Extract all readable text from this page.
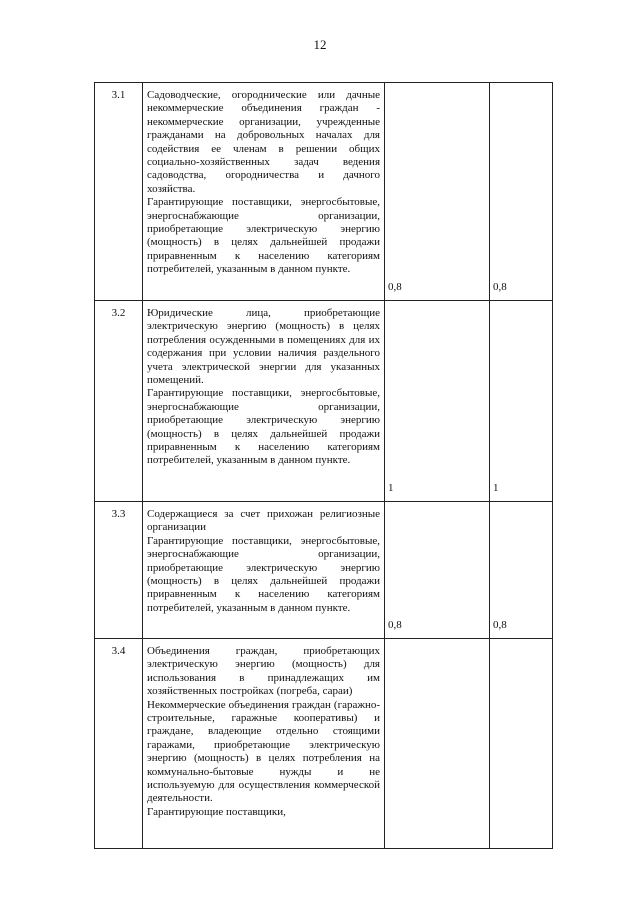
12
3.1	Садоводческие, огороднические или дачные некоммерческие объединения граждан - некоммерческие организации, учрежденные гражданами на добровольных началах для содействия ее членам в решении общих социально-хозяйственных задач ведения садоводства, огородничества и дачного хозяйства.
Гарантирующие поставщики, энергосбытовые, энергоснабжающие организации, приобретающие электрическую энергию (мощность) в целях дальнейшей продажи приравненным к населению категориям потребителей, указанным в данном пункте.	0,8	0,8

3.2	Юридические лица, приобретающие электрическую энергию (мощность) в целях потребления осужденными в помещениях для их содержания при условии наличия раздельного учета электрической энергии для указанных помещений.
Гарантирующие поставщики, энергосбытовые, энергоснабжающие организации, приобретающие электрическую энергию (мощность) в целях дальнейшей продажи приравненным к населению категориям потребителей, указанным в данном пункте.	1	1

3.3	Содержащиеся за счет прихожан религиозные организации
Гарантирующие поставщики, энергосбытовые, энергоснабжающие организации, приобретающие электрическую энергию (мощность) в целях дальнейшей продажи приравненным к населению категориям потребителей, указанным в данном пункте.	0,8	0,8

3.4	Объединения граждан, приобретающих электрическую энергию (мощность) для использования в принадлежащих им хозяйственных постройках (погреба, сараи)
Некоммерческие объединения граждан (гаражно-строительные, гаражные кооперативы) и граждане, владеющие отдельно стоящими гаражами, приобретающие электрическую энергию (мощность) в целях потребления на коммунально-бытовые нужды и не используемую для осуществления коммерческой деятельности.
Гарантирующие поставщики,		
